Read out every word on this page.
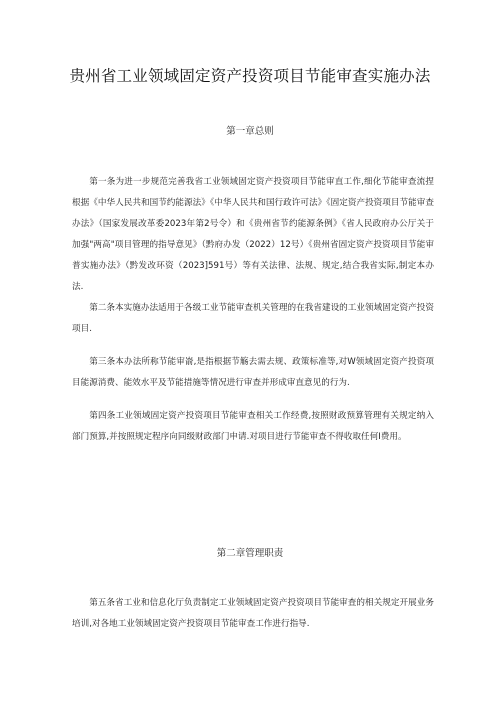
贵州省工业领域固定资产投资项目节能审查实施办法
第一章总则
第一条为进一步规范完善我省工业领域固定资产投资项目节能审直工作,细化节能审查流捏根据《中华人民共和国节约能源法》《中华人民共和国行政许可法》《固定资产投资项目节能审查办法》（国家发展改革委2023年第2号令）和《贵州省节约能源条例》《省人民政府办公厅关于加强"两高"项目管理的指导意见》（黔府办发（2022）12号）《贵州省固定资产投资项目节能审普实施办法》（黔发改环资（2023]591号）等有关法律、法规、规定,结合我省实际,制定本办法.
第二条本实施办法适用于各级工业节能审查机关管理的在我省建设的工业领域固定资产投资项目.
第三条本办法所称节能审嵛,是指根据节觞去需去规、政策标准等,对W领域固定资产投资项目能源消费、能效水平及节能措施等情况进行审查并形成审直意见的行为.
第四条工业领域固定资产投资项目节能审查相关工作经费,按照财政预算管理有关规定纳入部门预算,并按照规定程序向同级财政部门申请.对项目进行节能审查不得收取任何I费用。
第二章管理职责
第五条省工业和信息化厅负责制定工业领域固定资产投资项目节能审査的相关规定开展业务培训,对各地工业领域固定资产投资项目节能审查工作进行指导.
